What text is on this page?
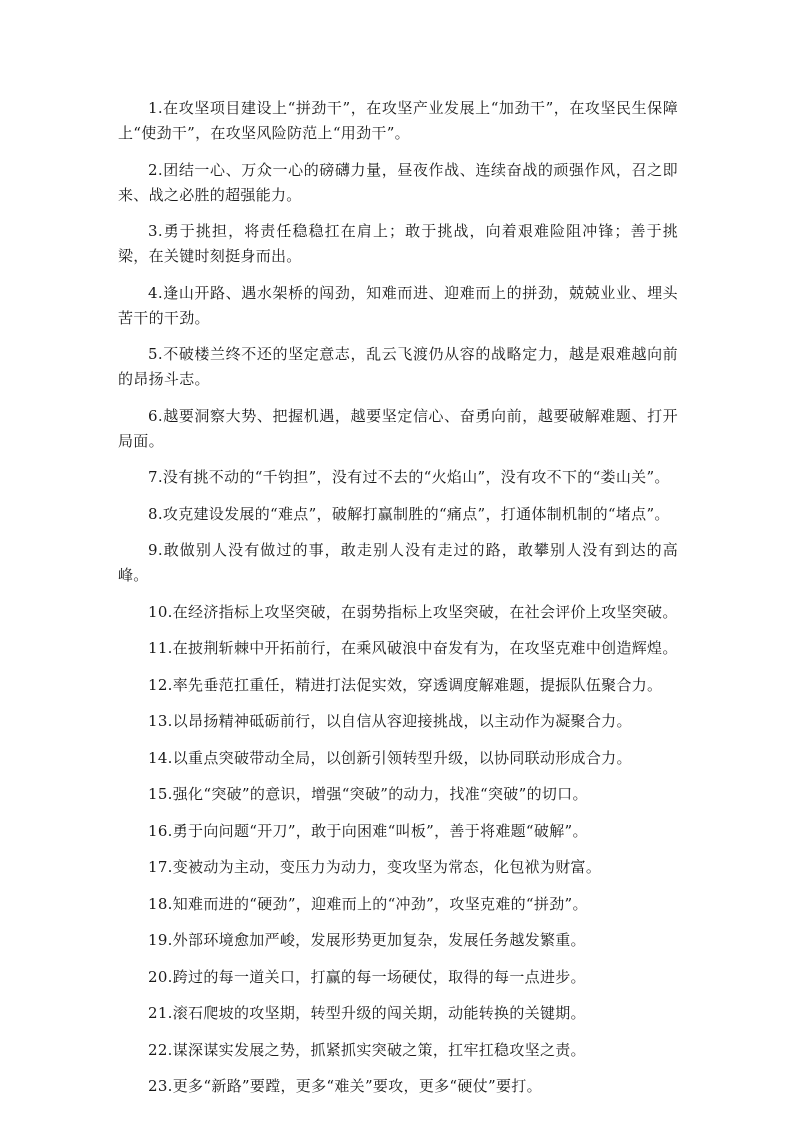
1.在攻坚项目建设上“拼劲干”，在攻坚产业发展上“加劲干”，在攻坚民生保障上“使劲干”，在攻坚风险防范上“用劲干”。

2.团结一心、万众一心的磅礴力量，昼夜作战、连续奋战的顽强作风，召之即来、战之必胜的超强能力。

3.勇于挑担，将责任稳稳扛在肩上；敢于挑战，向着艰难险阻冲锋；善于挑梁，在关键时刻挺身而出。

4.逢山开路、遇水架桥的闯劲，知难而进、迎难而上的拼劲，兢兢业业、埋头苦干的干劲。

5.不破楼兰终不还的坚定意志，乱云飞渡仍从容的战略定力，越是艰难越向前的昂扬斗志。

6.越要洞察大势、把握机遇，越要坚定信心、奋勇向前，越要破解难题、打开局面。

7.没有挑不动的“千钧担”，没有过不去的“火焰山”，没有攻不下的“娄山关”。

8.攻克建设发展的“难点”，破解打赢制胜的“痛点”，打通体制机制的“堵点”。

9.敢做别人没有做过的事，敢走别人没有走过的路，敢攀别人没有到达的高峰。

10.在经济指标上攻坚突破，在弱势指标上攻坚突破，在社会评价上攻坚突破。

11.在披荆斩棘中开拓前行，在乘风破浪中奋发有为，在攻坚克难中创造辉煌。

12.率先垂范扛重任，精进打法促实效，穿透调度解难题，提振队伍聚合力。

13.以昂扬精神砥砺前行，以自信从容迎接挑战，以主动作为凝聚合力。

14.以重点突破带动全局，以创新引领转型升级，以协同联动形成合力。

15.强化“突破”的意识，增强“突破”的动力，找准“突破”的切口。

16.勇于向问题“开刀”，敢于向困难“叫板”，善于将难题“破解”。

17.变被动为主动，变压力为动力，变攻坚为常态，化包袱为财富。

18.知难而进的“硬劲”，迎难而上的“冲劲”，攻坚克难的“拼劲”。

19.外部环境愈加严峻，发展形势更加复杂，发展任务越发繁重。

20.跨过的每一道关口，打赢的每一场硬仗，取得的每一点进步。

21.滚石爬坡的攻坚期，转型升级的闯关期，动能转换的关键期。

22.谋深谋实发展之势，抓紧抓实突破之策，扛牢扛稳攻坚之责。

23.更多“新路”要蹚，更多“难关”要攻，更多“硬仗”要打。
